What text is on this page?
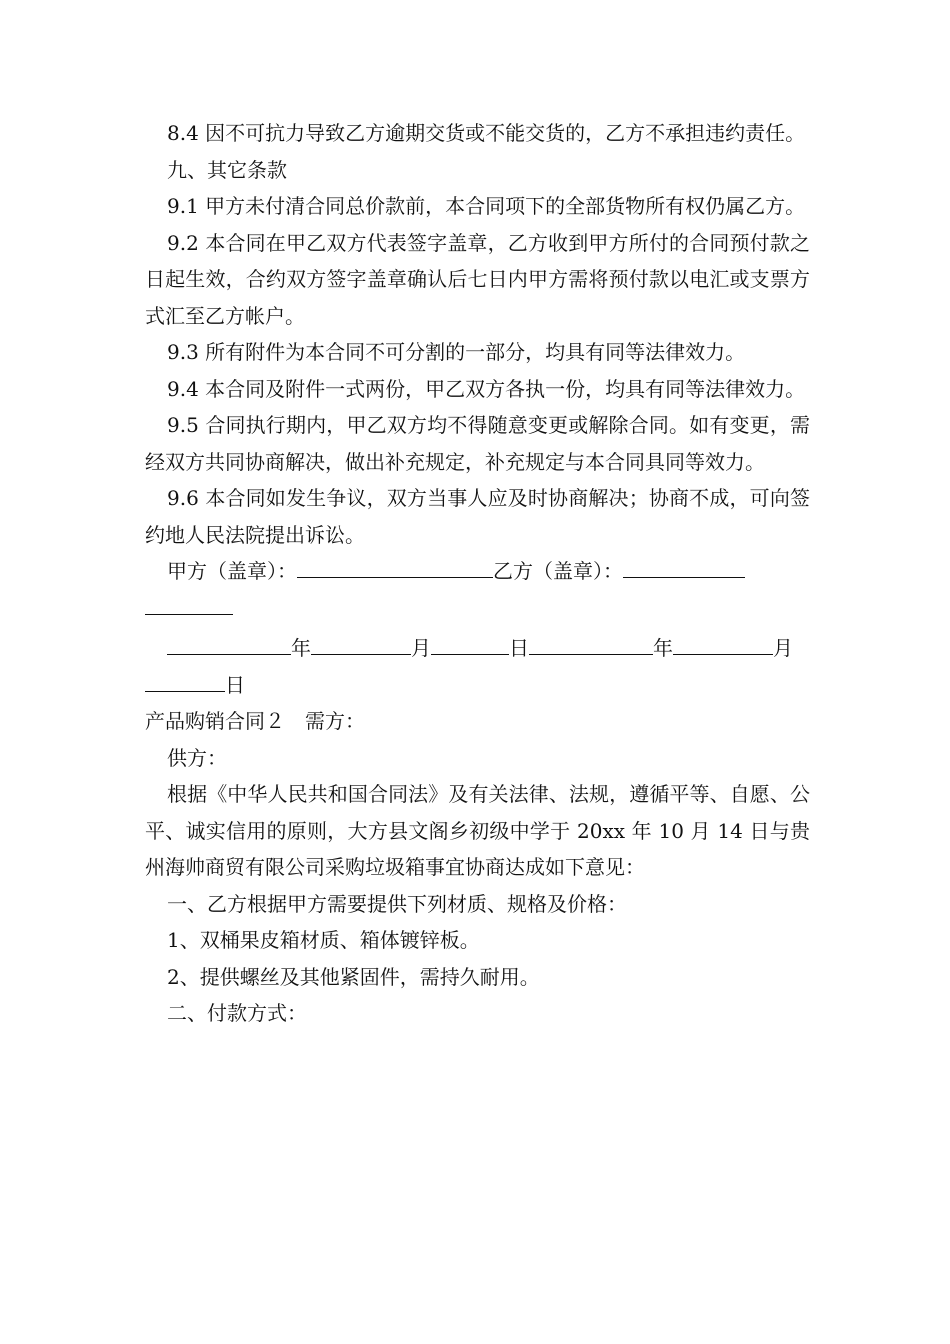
8.4 因不可抗力导致乙方逾期交货或不能交货的，乙方不承担违约责任。

九、其它条款

9.1 甲方未付清合同总价款前，本合同项下的全部货物所有权仍属乙方。

9.2 本合同在甲乙双方代表签字盖章，乙方收到甲方所付的合同预付款之日起生效，合约双方签字盖章确认后七日内甲方需将预付款以电汇或支票方式汇至乙方帐户。

9.3 所有附件为本合同不可分割的一部分，均具有同等法律效力。

9.4 本合同及附件一式两份，甲乙双方各执一份，均具有同等法律效力。

9.5 合同执行期内，甲乙双方均不得随意变更或解除合同。如有变更，需经双方共同协商解决，做出补充规定，补充规定与本合同具同等效力。

9.6 本合同如发生争议，双方当事人应及时协商解决；协商不成，可向签约地人民法院提出诉讼。

甲方（盖章）：	乙方（盖章）：

年	月	日	年	月

日

产品购销合同２　需方：

供方：

根据《中华人民共和国合同法》及有关法律、法规，遵循平等、自愿、公平、诚实信用的原则，大方县文阁乡初级中学于 20xx 年 10 月 14 日与贵州海帅商贸有限公司采购垃圾箱事宜协商达成如下意见：

一、乙方根据甲方需要提供下列材质、规格及价格：

1、双桶果皮箱材质、箱体镀锌板。

2、提供螺丝及其他紧固件，需持久耐用。

二、付款方式：
